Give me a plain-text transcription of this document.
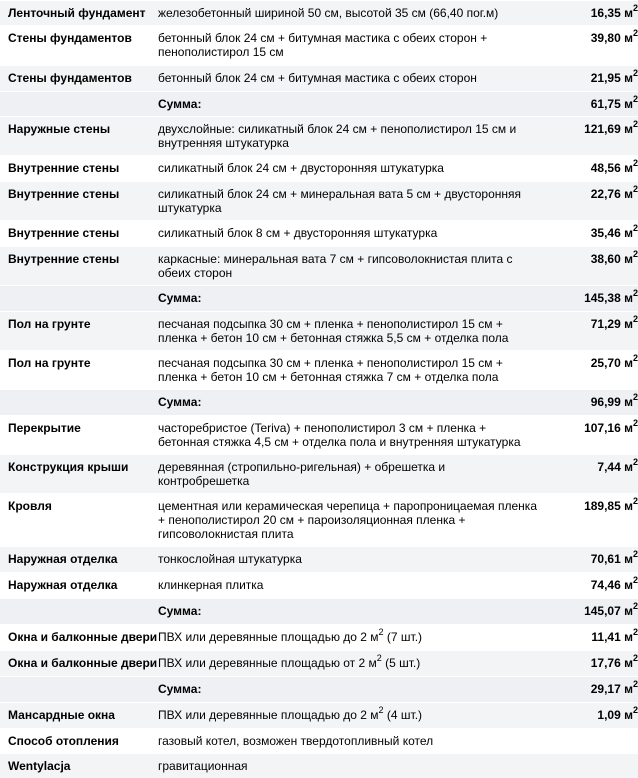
Ленточный фундамент	железобетонный шириной 50 см, высотой 35 см (66,40 пог.м)	16,35 $м^2$

Стены фундаментов	бетонный блок 24 см + битумная мастика с обеих сторон + пенополистирол 15 см	39,80 $м^2$

Стены фундаментов	бетонный блок 24 см + битумная мастика с обеих сторон	21,95 $м^2$

	Сумма:	61,75 $м^2$

Наружные стены	двухслойные: силикатный блок 24 см + пенополистирол 15 см и внутренняя штукатурка	121,69 $м^2$

Внутренние стены	силикатный блок 24 см + двусторонняя штукатурка	48,56 $м^2$

Внутренние стены	силикатный блок 24 см + минеральная вата 5 см + двусторонняя штукатурка	22,76 $м^2$

Внутренние стены	силикатный блок 8 см + двусторонняя штукатурка	35,46 $м^2$

Внутренние стены	каркасные: минеральная вата 7 см + гипсоволокнистая плита с обеих сторон	38,60 $м^2$

	Сумма:	145,38 $м^2$

Пол на грунте	песчаная подсыпка 30 см + пленка + пенополистирол 15 см + пленка + бетон 10 см + бетонная стяжка 5,5 см + отделка пола	71,29 $м^2$

Пол на грунте	песчаная подсыпка 30 см + пленка + пенополистирол 15 см + пленка + бетон 10 см + бетонная стяжка 7 см + отделка пола	25,70 $м^2$

	Сумма:	96,99 $м^2$

Перекрытие	часторебристое (Teriva) + пенополистирол 3 см + пленка + бетонная стяжка 4,5 см + отделка пола и внутренняя штукатурка	107,16 $м^2$

Конструкция крыши	деревянная (стропильно-ригельная) + обрешетка и контробрешетка	7,44 $м^2$

Кровля	цементная или керамическая черепица + паропроницаемая пленка + пенополистирол 20 см + пароизоляционная пленка + гипсоволокнистая плита	189,85 $м^2$

Наружная отделка	тонкослойная штукатурка	70,61 $м^2$

Наружная отделка	клинкерная плитка	74,46 $м^2$

	Сумма:	145,07 $м^2$

Окна и балконные двери	ПВХ или деревянные площадью до 2 $м^2$ (7 шт.)	11,41 $м^2$

Окна и балконные двери	ПВХ или деревянные площадью от 2 $м^2$ (5 шт.)	17,76 $м^2$

	Сумма:	29,17 $м^2$

Мансардные окна	ПВХ или деревянные площадью до 2 $м^2$ (4 шт.)	1,09 $м^2$

Способ отопления	газовый котел, возможен твердотопливный котел	

Wentylacja	гравитационная	
